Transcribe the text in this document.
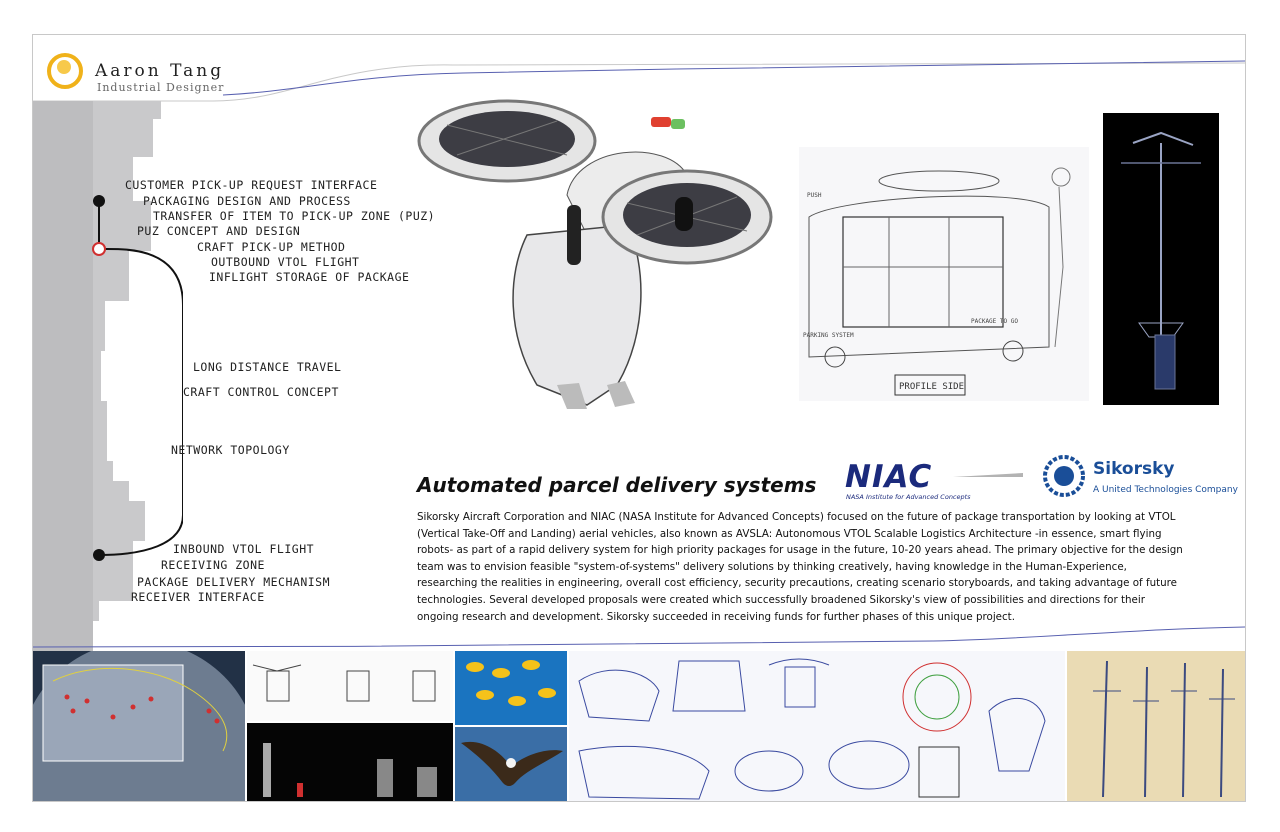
Aaron Tang
Industrial Designer
CUSTOMER PICK-UP REQUEST INTERFACE
PACKAGING DESIGN AND PROCESS
TRANSFER OF ITEM TO PICK-UP ZONE (PUZ)
PUZ CONCEPT AND DESIGN
CRAFT PICK-UP METHOD
OUTBOUND VTOL FLIGHT
INFLIGHT STORAGE OF PACKAGE
LONG DISTANCE TRAVEL
CRAFT CONTROL CONCEPT
NETWORK TOPOLOGY
INBOUND VTOL FLIGHT
RECEIVING ZONE
PACKAGE DELIVERY MECHANISM
RECEIVER INTERFACE
PROFILE SIDE
PUSH
PACKAGE TO GO
PARKING SYSTEM
Automated parcel delivery systems NIAC
NASA Institute for Advanced Concepts
Sikorsky
A United Technologies Company
Sikorsky Aircraft Corporation and NIAC (NASA Institute for Advanced Concepts) focused on the future of package transportation by looking at VTOL (Vertical Take-Off and Landing) aerial vehicles, also known as AVSLA: Autonomous VTOL Scalable Logistics Architecture -in essence, smart flying robots- as part of a rapid delivery system for high priority packages for usage in the future, 10-20 years ahead. The primary objective for the design team was to envision feasible "system-of-systems" delivery solutions by thinking creatively, having knowledge in the Human-Experience, researching the realities in engineering, overall cost efficiency, security precautions, creating scenario storyboards, and taking advantage of future technologies. Several developed proposals were created which successfully broadened Sikorsky's view of possibilities and directions for their ongoing research and development. Sikorsky succeeded in receiving funds for further phases of this unique project.
